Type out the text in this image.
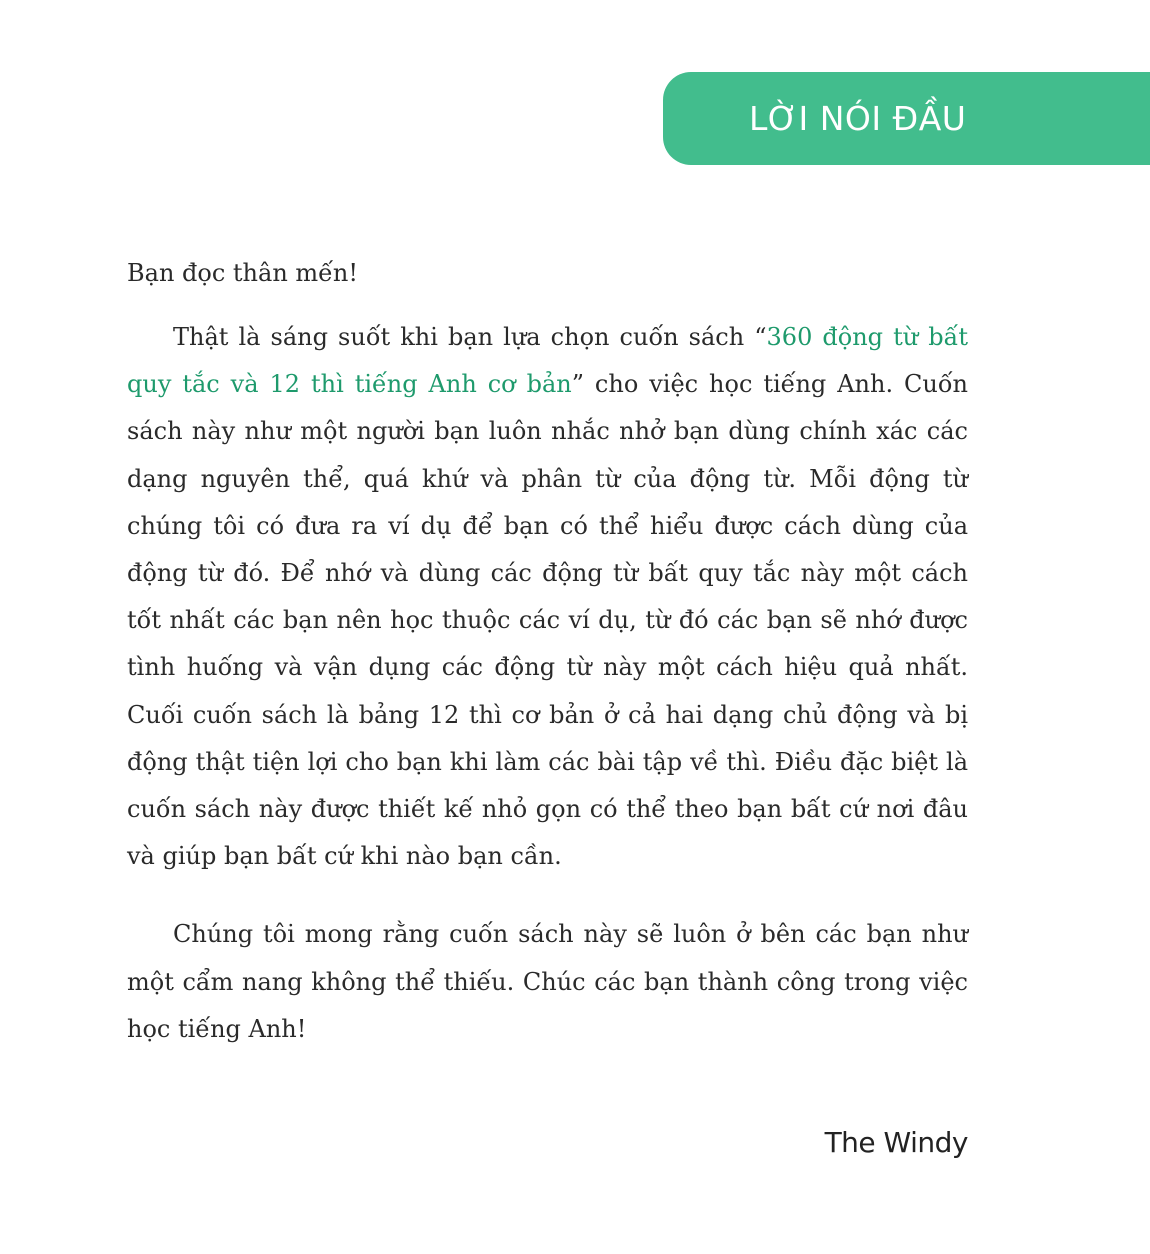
LỜI NÓI ĐẦU

Bạn đọc thân mến!

Thật là sáng suốt khi bạn lựa chọn cuốn sách “360 động từ bất quy tắc và 12 thì tiếng Anh cơ bản” cho việc học tiếng Anh. Cuốn sách này như một người bạn luôn nhắc nhở bạn dùng chính xác các dạng nguyên thể, quá khứ và phân từ của động từ. Mỗi động từ chúng tôi có đưa ra ví dụ để bạn có thể hiểu được cách dùng của động từ đó. Để nhớ và dùng các động từ bất quy tắc này một cách tốt nhất các bạn nên học thuộc các ví dụ, từ đó các bạn sẽ nhớ được tình huống và vận dụng các động từ này một cách hiệu quả nhất. Cuối cuốn sách là bảng 12 thì cơ bản ở cả hai dạng chủ động và bị động thật tiện lợi cho bạn khi làm các bài tập về thì. Điều đặc biệt là cuốn sách này được thiết kế nhỏ gọn có thể theo bạn bất cứ nơi đâu và giúp bạn bất cứ khi nào bạn cần.

Chúng tôi mong rằng cuốn sách này sẽ luôn ở bên các bạn như một cẩm nang không thể thiếu. Chúc các bạn thành công trong việc học tiếng Anh!

The Windy
